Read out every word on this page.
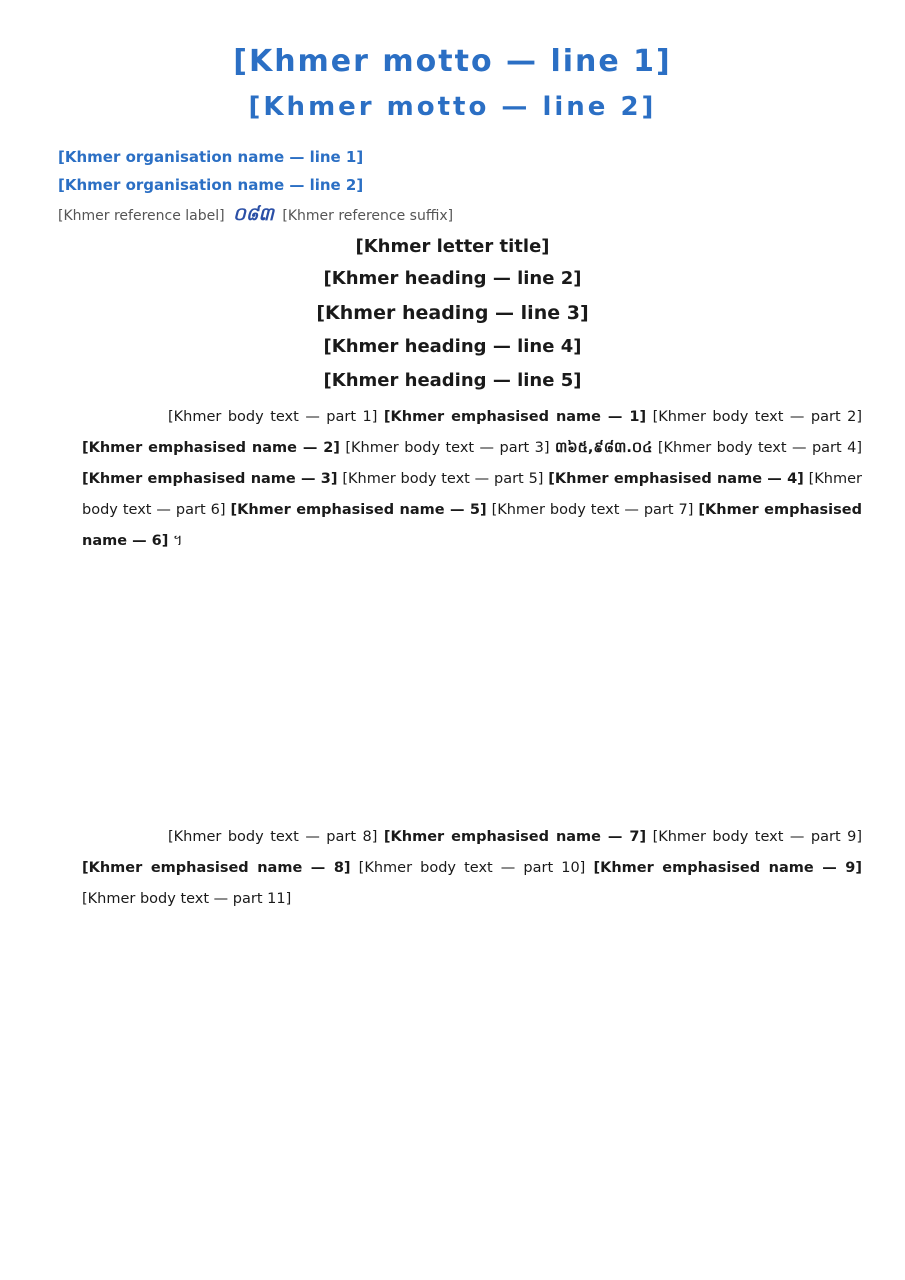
[Khmer motto — line 1]
[Khmer motto — line 2]
[Khmer organisation name — line 1]
[Khmer organisation name — line 2]
[Khmer reference label] ០៨៣ [Khmer reference suffix]
[Khmer letter title]
[Khmer heading — line 2]
[Khmer heading — line 3]
[Khmer heading — line 4]
[Khmer heading — line 5]
[Khmer body text — part 1] [Khmer emphasised name — 1] [Khmer body text — part 2] [Khmer emphasised name — 2] [Khmer body text — part 3] ៣៦៥,៩៨៣.០៤ [Khmer body text — part 4] [Khmer emphasised name — 3] [Khmer body text — part 5] [Khmer emphasised name — 4] [Khmer body text — part 6] [Khmer emphasised name — 5] [Khmer body text — part 7] [Khmer emphasised name — 6] ។
[Khmer body text — part 8] [Khmer emphasised name — 7] [Khmer body text — part 9] [Khmer emphasised name — 8] [Khmer body text — part 10] [Khmer emphasised name — 9] [Khmer body text — part 11]
